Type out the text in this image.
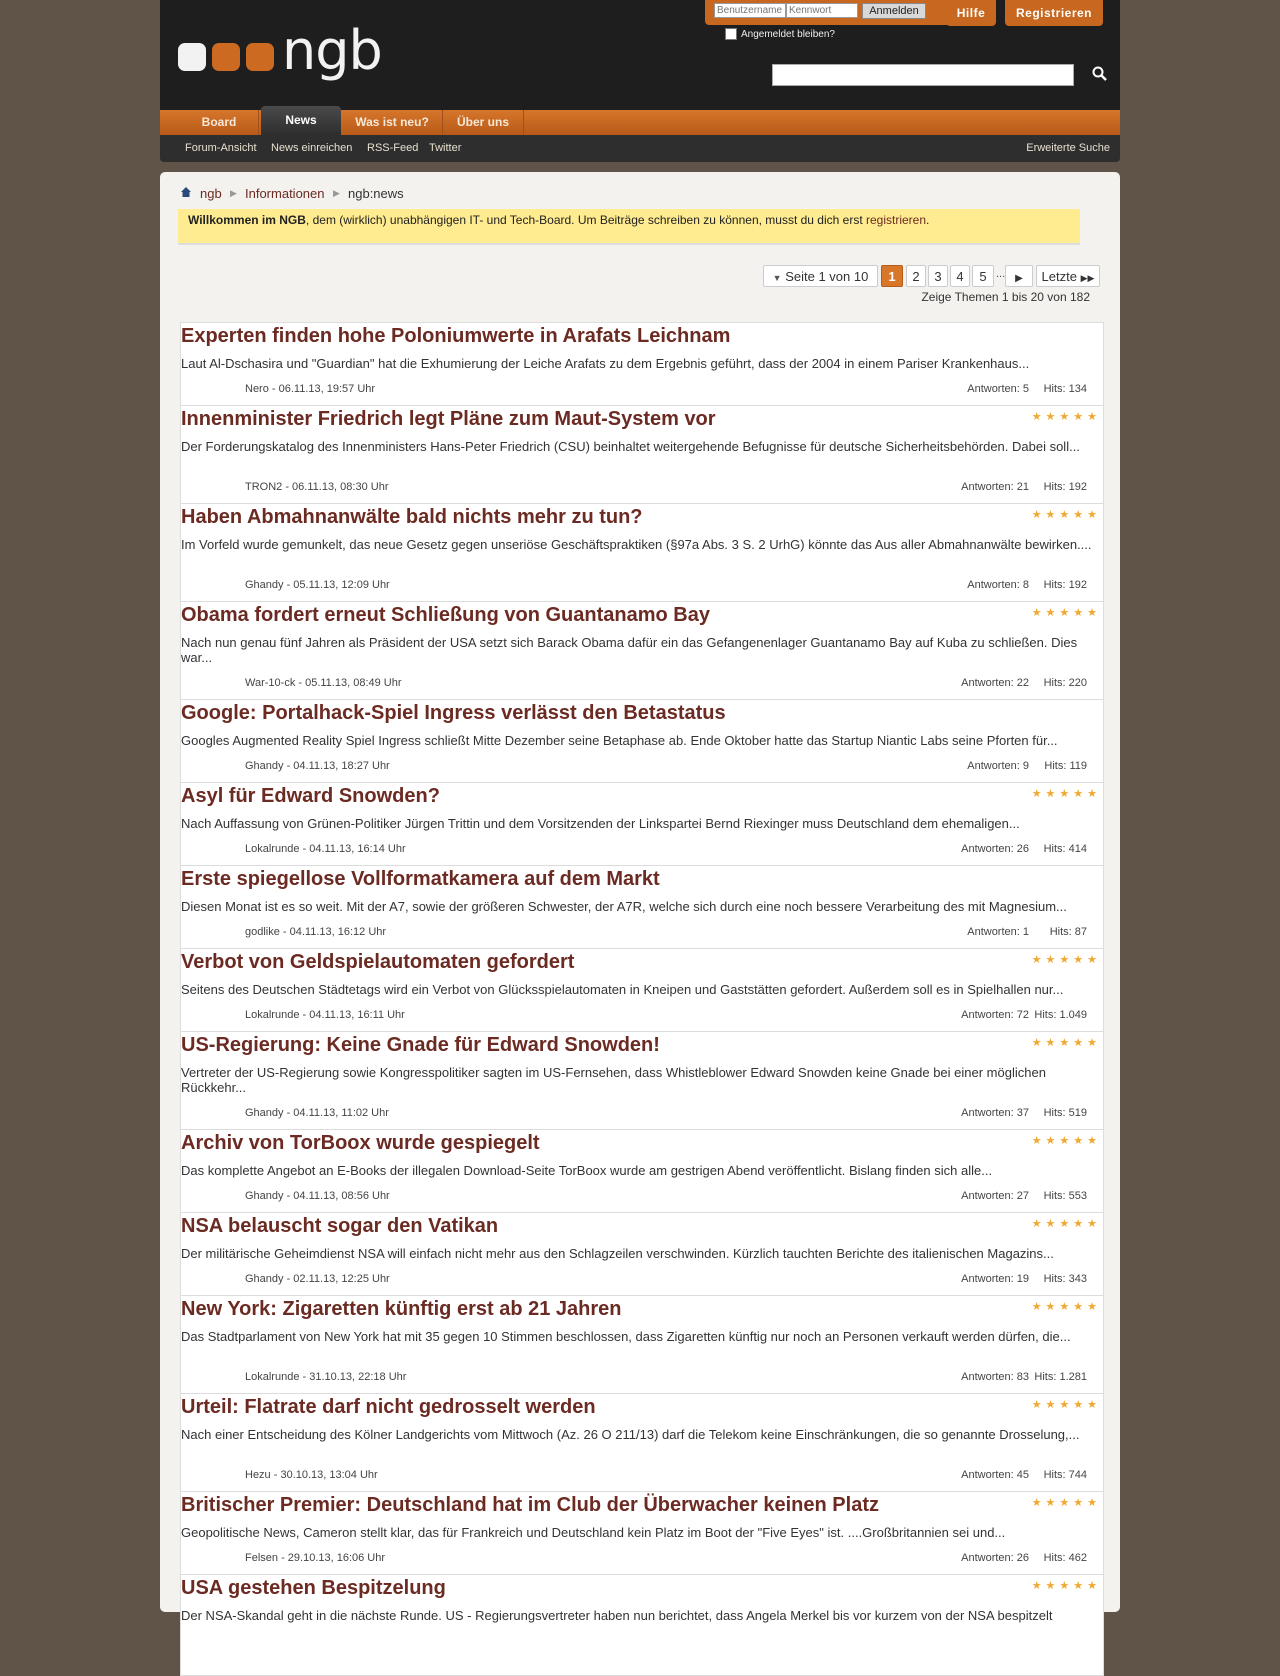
ngb
Benutzername
Kennwort
Anmelden
Angemeldet bleiben?
Hilfe	Registrieren
Board	News	Was ist neu?	Über uns
Forum-Ansicht News einreichen RSS-Feed Twitter	Erweiterte Suche
ngb ▶ Informationen ▶ ngb:news
Willkommen im NGB, dem (wirklich) unabhängigen IT- und Tech-Board. Um Beiträge schreiben zu können, musst du dich erst registrieren.
▼ Seite 1 von 10	1	2	3	4	5 ... ▶	Letzte ▶▶
Zeige Themen 1 bis 20 von 182
Experten finden hohe Poloniumwerte in Arafats Leichnam
Laut Al-Dschasira und "Guardian" hat die Exhumierung der Leiche Arafats zu dem Ergebnis geführt, dass der 2004 in einem Pariser Krankenhaus...
Nero - 06.11.13, 19:57 Uhr	Antworten: 5 Hits: 134
Innenminister Friedrich legt Pläne zum Maut-System vor	★★★★★
Der Forderungskatalog des Innenministers Hans-Peter Friedrich (CSU) beinhaltet weitergehende Befugnisse für deutsche Sicherheitsbehörden. Dabei soll...
TRON2 - 06.11.13, 08:30 Uhr	Antworten: 21 Hits: 192
Haben Abmahnanwälte bald nichts mehr zu tun?	★★★★★
Im Vorfeld wurde gemunkelt, das neue Gesetz gegen unseriöse Geschäftspraktiken (§97a Abs. 3 S. 2 UrhG) könnte das Aus aller Abmahnanwälte bewirken....
Ghandy - 05.11.13, 12:09 Uhr	Antworten: 8 Hits: 192
Obama fordert erneut Schließung von Guantanamo Bay	★★★★★
Nach nun genau fünf Jahren als Präsident der USA setzt sich Barack Obama dafür ein das Gefangenenlager Guantanamo Bay auf Kuba zu schließen. Dies war...
War-10-ck - 05.11.13, 08:49 Uhr	Antworten: 22 Hits: 220
Google: Portalhack-Spiel Ingress verlässt den Betastatus
Googles Augmented Reality Spiel Ingress schließt Mitte Dezember seine Betaphase ab. Ende Oktober hatte das Startup Niantic Labs seine Pforten für...
Ghandy - 04.11.13, 18:27 Uhr	Antworten: 9 Hits: 119
Asyl für Edward Snowden?	★★★★★
Nach Auffassung von Grünen-Politiker Jürgen Trittin und dem Vorsitzenden der Linkspartei Bernd Riexinger muss Deutschland dem ehemaligen...
Lokalrunde - 04.11.13, 16:14 Uhr	Antworten: 26 Hits: 414
Erste spiegellose Vollformatkamera auf dem Markt
Diesen Monat ist es so weit. Mit der A7, sowie der größeren Schwester, der A7R, welche sich durch eine noch bessere Verarbeitung des mit Magnesium...
godlike - 04.11.13, 16:12 Uhr	Antworten: 1 Hits: 87
Verbot von Geldspielautomaten gefordert	★★★★★
Seitens des Deutschen Städtetags wird ein Verbot von Glücksspielautomaten in Kneipen und Gaststätten gefordert. Außerdem soll es in Spielhallen nur...
Lokalrunde - 04.11.13, 16:11 Uhr	Antworten: 72 Hits: 1.049
US-Regierung: Keine Gnade für Edward Snowden!	★★★★★
Vertreter der US-Regierung sowie Kongresspolitiker sagten im US-Fernsehen, dass Whistleblower Edward Snowden keine Gnade bei einer möglichen Rückkehr...
Ghandy - 04.11.13, 11:02 Uhr	Antworten: 37 Hits: 519
Archiv von TorBoox wurde gespiegelt	★★★★★
Das komplette Angebot an E-Books der illegalen Download-Seite TorBoox wurde am gestrigen Abend veröffentlicht. Bislang finden sich alle...
Ghandy - 04.11.13, 08:56 Uhr	Antworten: 27 Hits: 553
NSA belauscht sogar den Vatikan	★★★★★
Der militärische Geheimdienst NSA will einfach nicht mehr aus den Schlagzeilen verschwinden. Kürzlich tauchten Berichte des italienischen Magazins...
Ghandy - 02.11.13, 12:25 Uhr	Antworten: 19 Hits: 343
New York: Zigaretten künftig erst ab 21 Jahren	★★★★★
Das Stadtparlament von New York hat mit 35 gegen 10 Stimmen beschlossen, dass Zigaretten künftig nur noch an Personen verkauft werden dürfen, die...
Lokalrunde - 31.10.13, 22:18 Uhr	Antworten: 83 Hits: 1.281
Urteil: Flatrate darf nicht gedrosselt werden	★★★★★
Nach einer Entscheidung des Kölner Landgerichts vom Mittwoch (Az. 26 O 211/13) darf die Telekom keine Einschränkungen, die so genannte Drosselung,...
Hezu - 30.10.13, 13:04 Uhr	Antworten: 45 Hits: 744
Britischer Premier: Deutschland hat im Club der Überwacher keinen Platz	★★★★★
Geopolitische News, Cameron stellt klar, das für Frankreich und Deutschland kein Platz im Boot der "Five Eyes" ist. ....Großbritannien sei und...
Felsen - 29.10.13, 16:06 Uhr	Antworten: 26 Hits: 462
USA gestehen Bespitzelung	★★★★★
Der NSA-Skandal geht in die nächste Runde. US - Regierungsvertreter haben nun berichtet, dass Angela Merkel bis vor kurzem von der NSA bespitzelt
